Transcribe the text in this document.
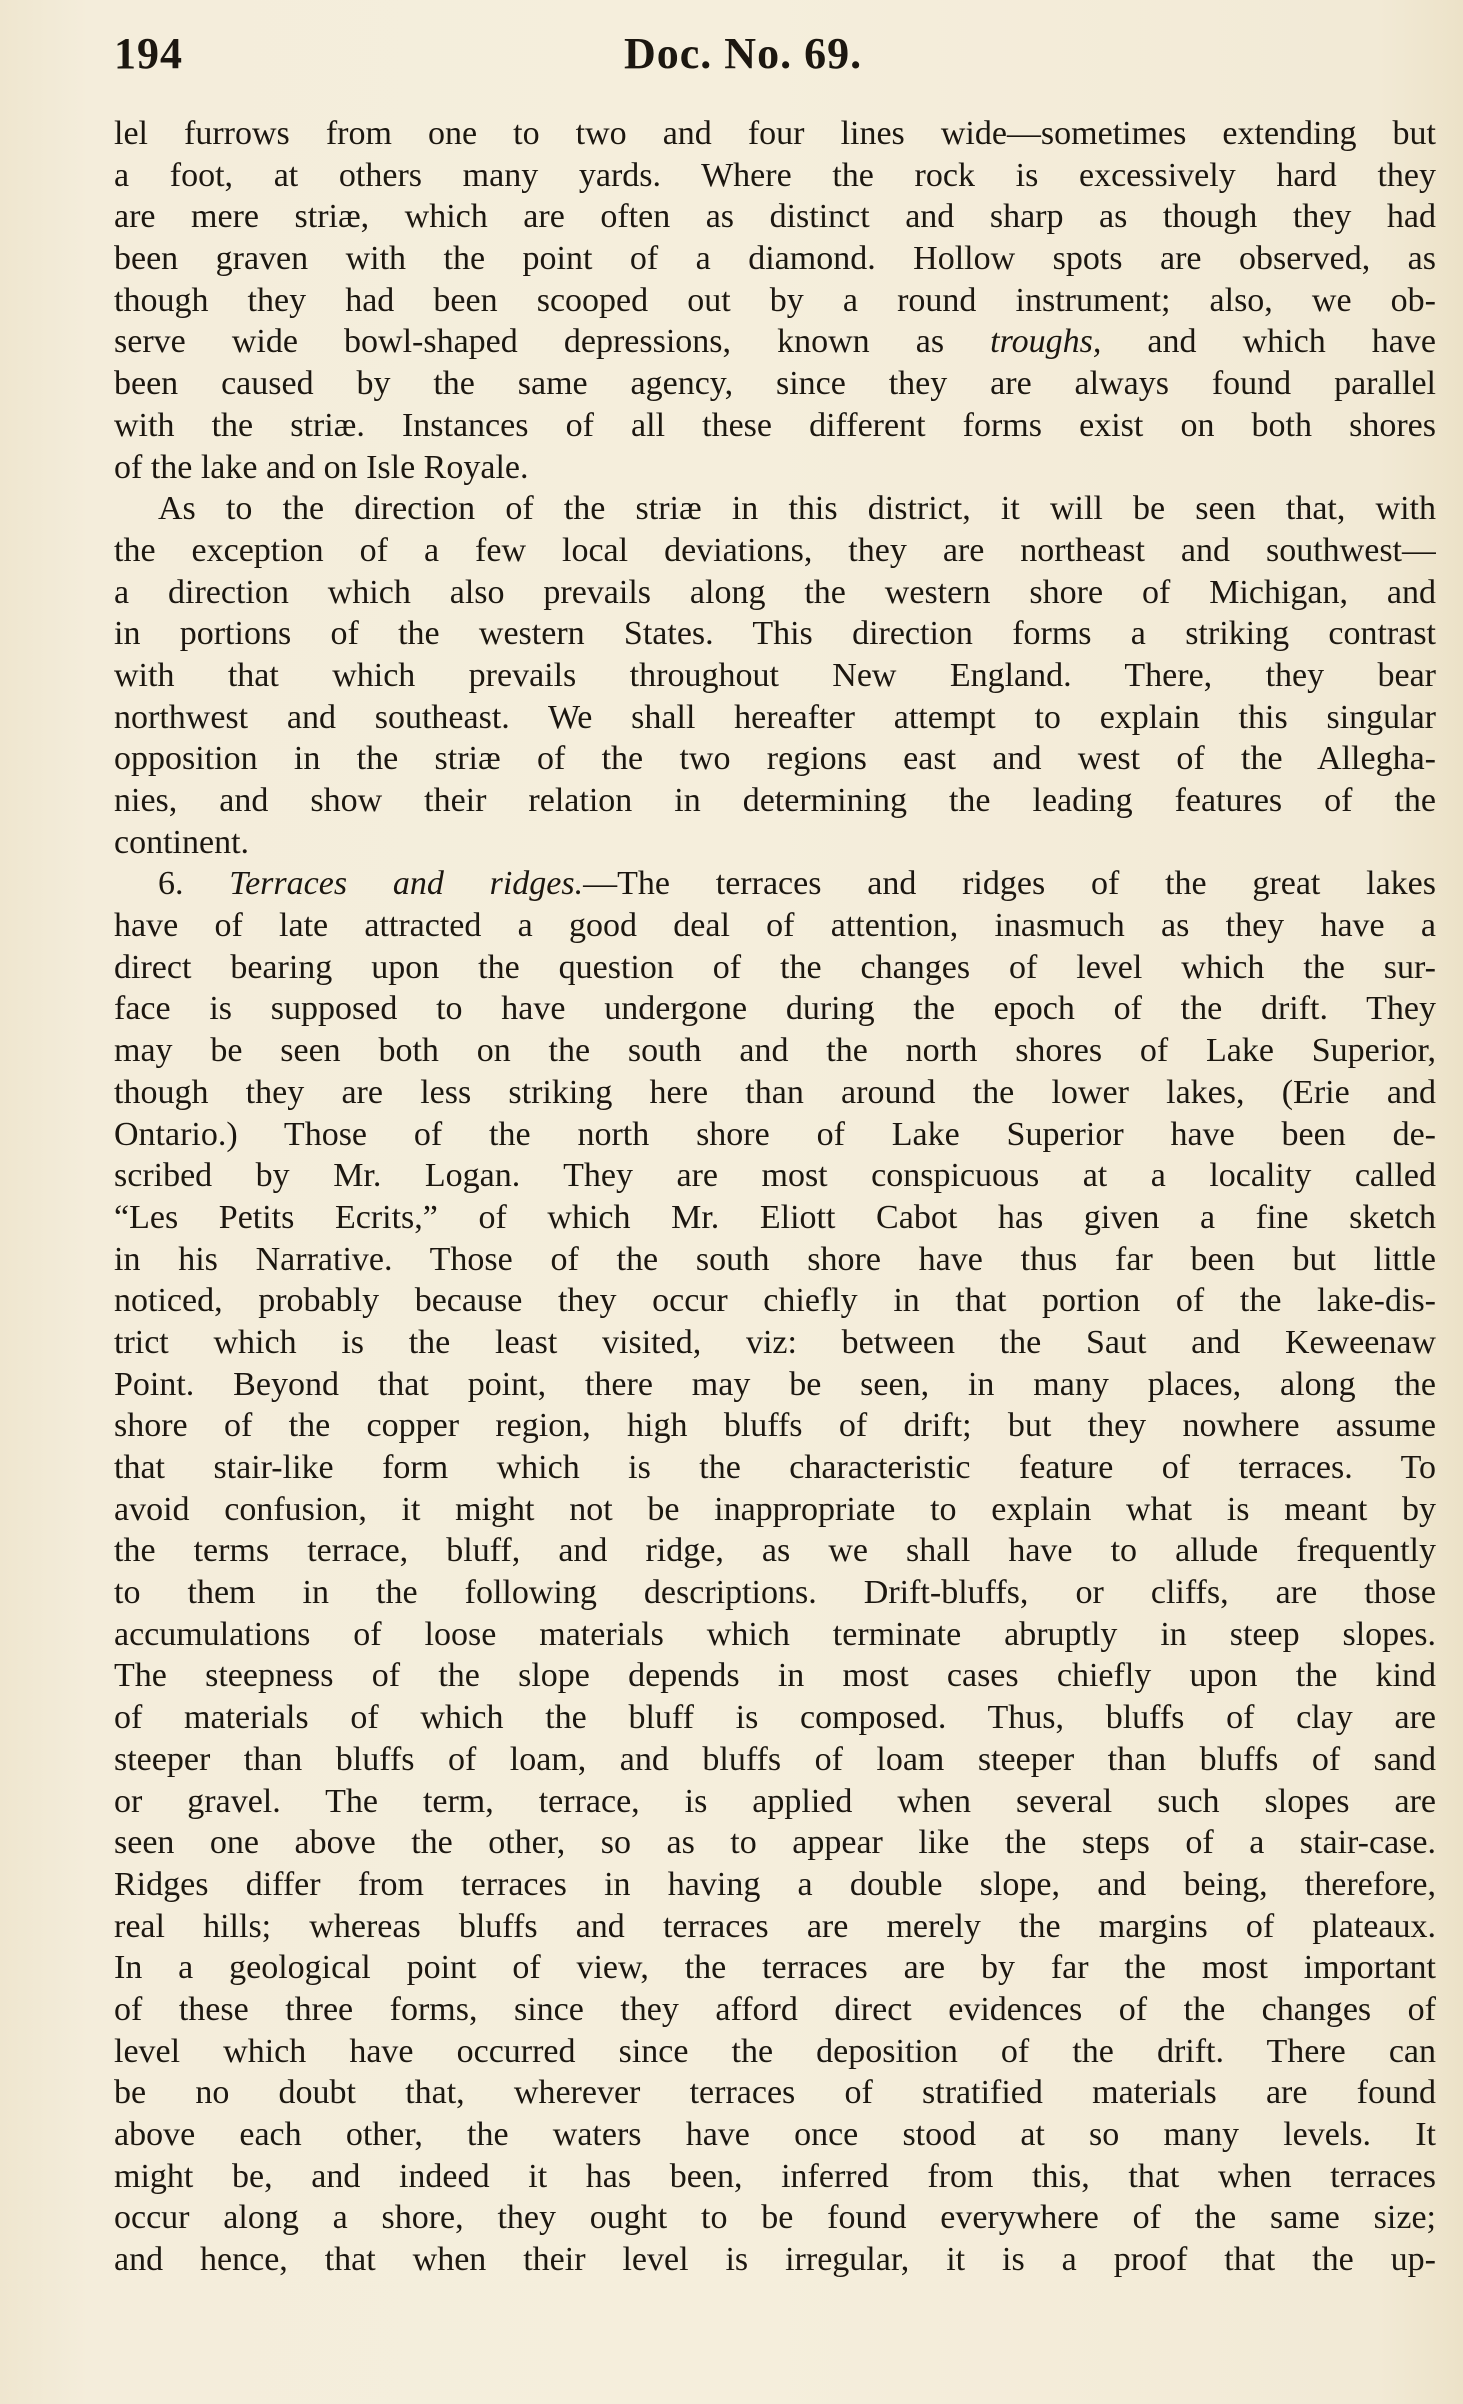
194	Doc. No. 69.
lel furrows from one to two and four lines wide—sometimes extending but
a foot, at others many yards. Where the rock is excessively hard they
are mere striæ, which are often as distinct and sharp as though they had
been graven with the point of a diamond. Hollow spots are observed, as
though they had been scooped out by a round instrument; also, we ob-
serve wide bowl-shaped depressions, known as troughs, and which have
been caused by the same agency, since they are always found parallel
with the striæ. Instances of all these different forms exist on both shores
of the lake and on Isle Royale.
As to the direction of the striæ in this district, it will be seen that, with
the exception of a few local deviations, they are northeast and southwest—
a direction which also prevails along the western shore of Michigan, and
in portions of the western States. This direction forms a striking contrast
with that which prevails throughout New England. There, they bear
northwest and southeast. We shall hereafter attempt to explain this singular
opposition in the striæ of the two regions east and west of the Allegha-
nies, and show their relation in determining the leading features of the
continent.
6. Terraces and ridges.—The terraces and ridges of the great lakes
have of late attracted a good deal of attention, inasmuch as they have a
direct bearing upon the question of the changes of level which the sur-
face is supposed to have undergone during the epoch of the drift. They
may be seen both on the south and the north shores of Lake Superior,
though they are less striking here than around the lower lakes, (Erie and
Ontario.) Those of the north shore of Lake Superior have been de-
scribed by Mr. Logan. They are most conspicuous at a locality called
“Les Petits Ecrits,” of which Mr. Eliott Cabot has given a fine sketch
in his Narrative. Those of the south shore have thus far been but little
noticed, probably because they occur chiefly in that portion of the lake-dis-
trict which is the least visited, viz: between the Saut and Keweenaw
Point. Beyond that point, there may be seen, in many places, along the
shore of the copper region, high bluffs of drift; but they nowhere assume
that stair-like form which is the characteristic feature of terraces. To
avoid confusion, it might not be inappropriate to explain what is meant by
the terms terrace, bluff, and ridge, as we shall have to allude frequently
to them in the following descriptions. Drift-bluffs, or cliffs, are those
accumulations of loose materials which terminate abruptly in steep slopes.
The steepness of the slope depends in most cases chiefly upon the kind
of materials of which the bluff is composed. Thus, bluffs of clay are
steeper than bluffs of loam, and bluffs of loam steeper than bluffs of sand
or gravel. The term, terrace, is applied when several such slopes are
seen one above the other, so as to appear like the steps of a stair-case.
Ridges differ from terraces in having a double slope, and being, therefore,
real hills; whereas bluffs and terraces are merely the margins of plateaux.
In a geological point of view, the terraces are by far the most important
of these three forms, since they afford direct evidences of the changes of
level which have occurred since the deposition of the drift. There can
be no doubt that, wherever terraces of stratified materials are found
above each other, the waters have once stood at so many levels. It
might be, and indeed it has been, inferred from this, that when terraces
occur along a shore, they ought to be found everywhere of the same size;
and hence, that when their level is irregular, it is a proof that the up-
